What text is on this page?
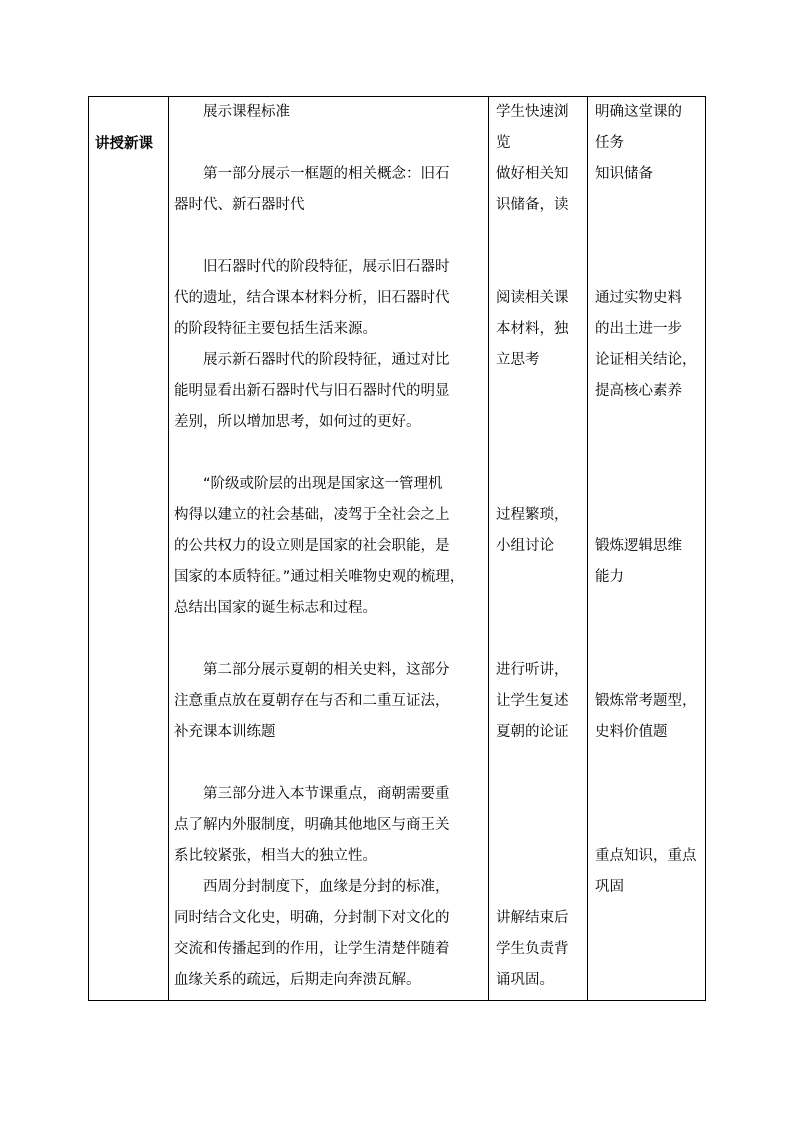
讲授新课

展示课程标准

第一部分展示一框题的相关概念：旧石

器时代、新石器时代

旧石器时代的阶段特征，展示旧石器时

代的遗址，结合课本材料分析，旧石器时代

的阶段特征主要包括生活来源。

展示新石器时代的阶段特征，通过对比

能明显看出新石器时代与旧石器时代的明显

差别，所以增加思考，如何过的更好。

“阶级或阶层的出现是国家这一管理机

构得以建立的社会基础，凌驾于全社会之上

的公共权力的设立则是国家的社会职能，是

国家的本质特征。”通过相关唯物史观的梳理，

总结出国家的诞生标志和过程。

第二部分展示夏朝的相关史料，这部分

注意重点放在夏朝存在与否和二重互证法，

补充课本训练题

第三部分进入本节课重点，商朝需要重

点了解内外服制度，明确其他地区与商王关

系比较紧张，相当大的独立性。

西周分封制度下，血缘是分封的标准，

同时结合文化史，明确，分封制下对文化的

交流和传播起到的作用，让学生清楚伴随着

血缘关系的疏远，后期走向奔溃瓦解。

学生快速浏

览

做好相关知

识储备，读

阅读相关课

本材料，独

立思考

过程繁琐，

小组讨论

进行听讲，

让学生复述

夏朝的论证

讲解结束后

学生负责背

诵巩固。

明确这堂课的

任务

知识储备

通过实物史料

的出土进一步

论证相关结论，

提高核心素养

锻炼逻辑思维

能力

锻炼常考题型，

史料价值题

重点知识，重点

巩固
